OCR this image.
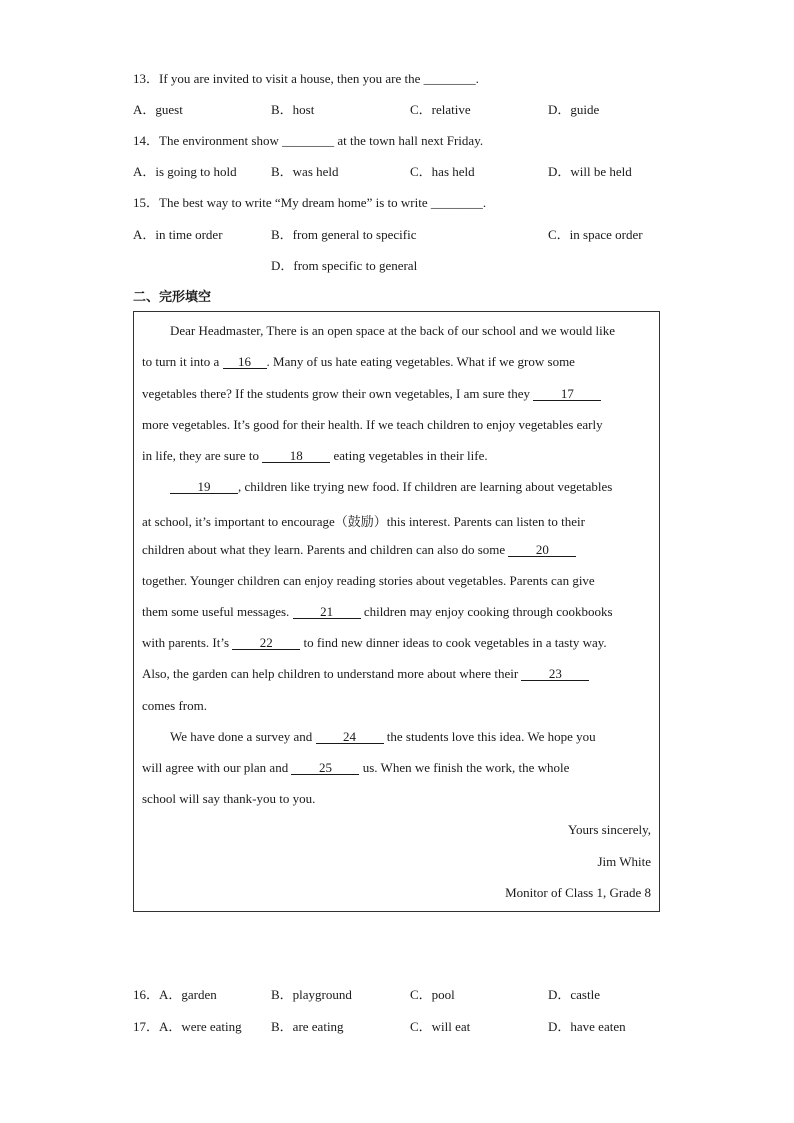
13．If you are invited to visit a house, then you are the ________.
A．guest	B．host	C．relative	D．guide
14．The environment show ________ at the town hall next Friday.
A．is going to hold	B．was held	C．has held	D．will be held
15．The best way to write “My dream home” is to write ________.
A．in time order	B．from general to specific	C．in space order
D．from specific to general
二、完形填空
Dear Headmaster, There is an open space at the back of our school and we would like
to turn it into a 16 . Many of us hate eating vegetables. What if we grow some
vegetables there? If the students grow their own vegetables, I am sure they 17
more vegetables. It’s good for their health. If we teach children to enjoy vegetables early
in life, they are sure to 18 eating vegetables in their life.
19 , children like trying new food. If children are learning about vegetables
at school, it’s important to encourage（鼓励）this interest. Parents can listen to their
children about what they learn. Parents and children can also do some 20
together. Younger children can enjoy reading stories about vegetables. Parents can give
them some useful messages. 21 children may enjoy cooking through cookbooks
with parents. It’s 22 to find new dinner ideas to cook vegetables in a tasty way.
Also, the garden can help children to understand more about where their 23
comes from.
We have done a survey and 24 the students love this idea. We hope you
will agree with our plan and 25 us. When we finish the work, the whole
school will say thank-you to you.
Yours sincerely,
Jim White
Monitor of Class 1, Grade 8
16．A．garden	B．playground	C．pool	D．castle
17．A．were eating B．are eating	C．will eat	D．have eaten
